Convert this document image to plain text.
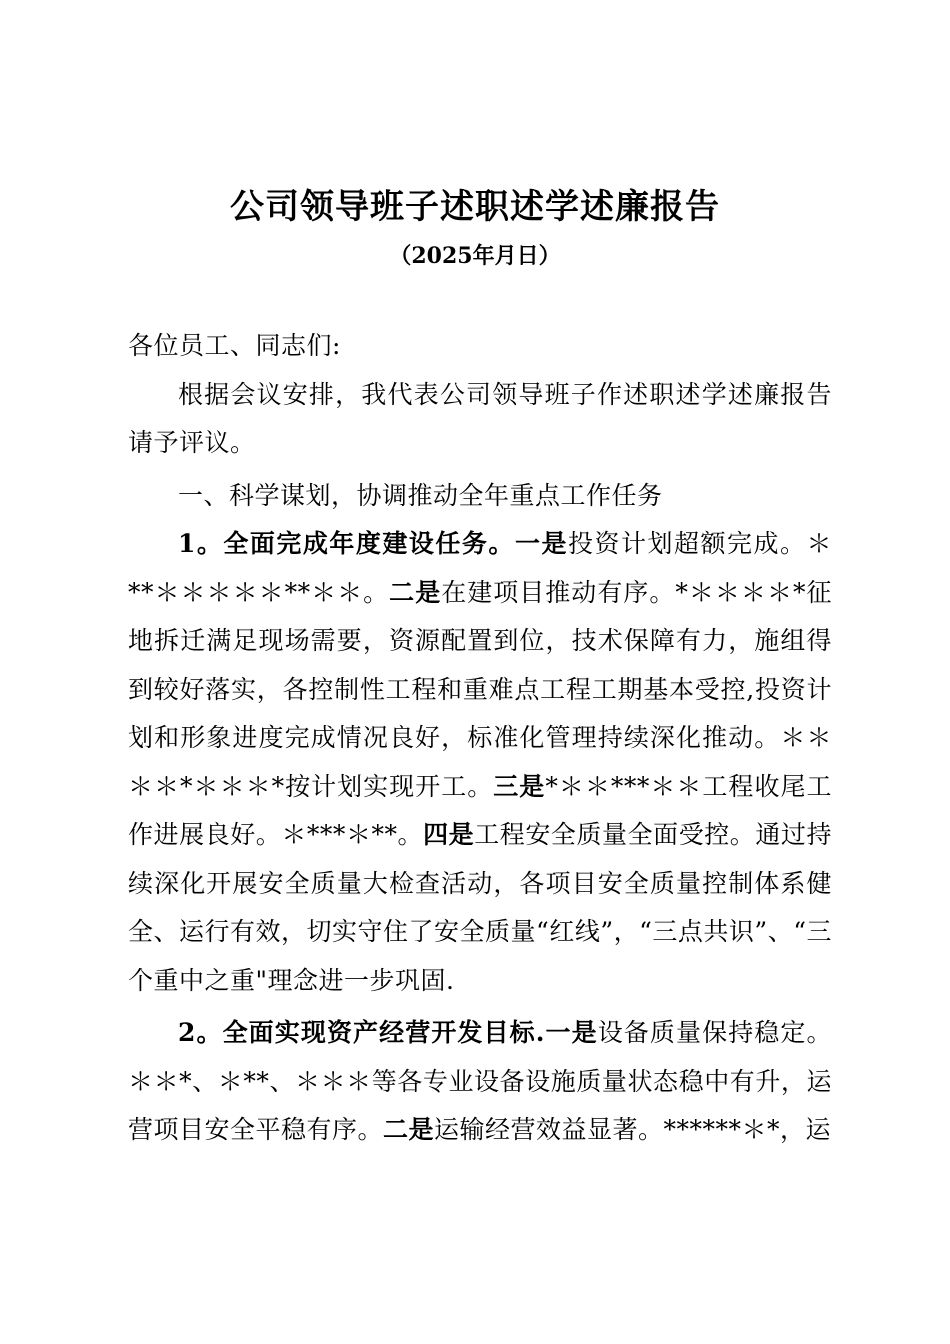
公司领导班子述职述学述廉报告
（2025年月日）

各位员工、同志们:

根据会议安排，我代表公司领导班子作述职述学述廉报告请予评议。

一、科学谋划，协调推动全年重点工作任务

1。全面完成年度建设任务。一是投资计划超额完成。＊**＊＊＊＊＊**＊＊。二是在建项目推动有序。*＊＊＊＊*征地拆迁满足现场需要，资源配置到位，技术保障有力，施组得到较好落实，各控制性工程和重难点工程工期基本受控,投资计划和形象进度完成情况良好，标准化管理持续深化推动。＊＊＊＊*＊＊＊*按计划实现开工。三是*＊＊***＊＊工程收尾工作进展良好。＊***＊**。四是工程安全质量全面受控。通过持续深化开展安全质量大检查活动，各项目安全质量控制体系健全、运行有效，切实守住了安全质量“红线”，“三点共识”、“三个重中之重"理念进一步巩固.

2。全面实现资产经营开发目标.一是设备质量保持稳定。＊＊*、＊**、＊＊＊等各专业设备设施质量状态稳中有升，运营项目安全平稳有序。二是运输经营效益显著。******＊*，运
